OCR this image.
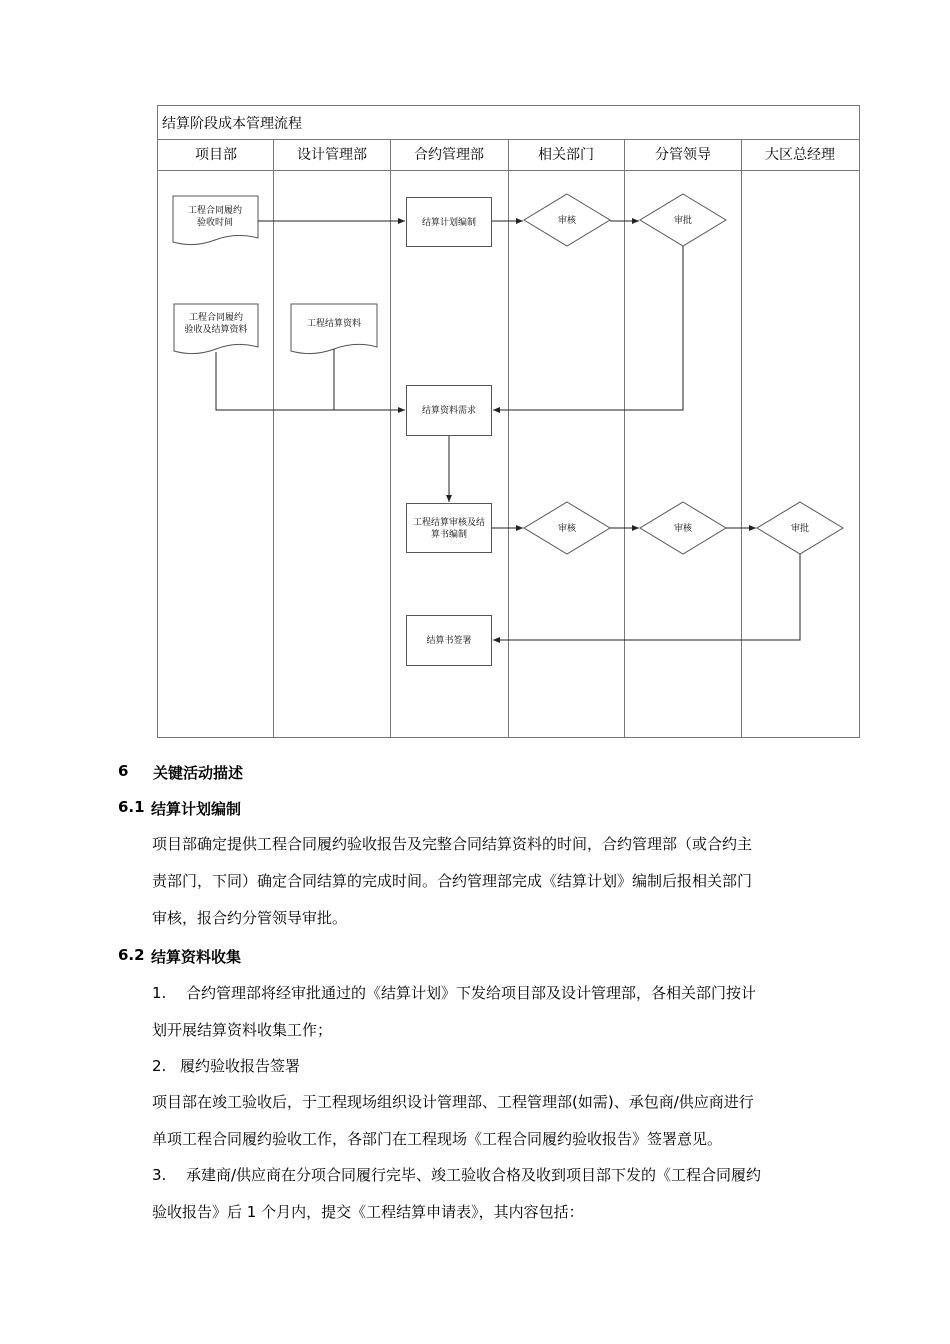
结算阶段成本管理流程
项目部	设计管理部	合约管理部	相关部门	分管领导	大区总经理
工程合同履约
验收时间
工程合同履约
验收及结算资料
工程结算资料
结算计划编制
结算资料需求
工程结算审核及结
算书编制
结算书签署
审核	审批
审核	审核	审批
6 关键活动描述
6.1 结算计划编制
项目部确定提供工程合同履约验收报告及完整合同结算资料的时间，合约管理部（或合约主
责部门，下同）确定合同结算的完成时间。合约管理部完成《结算计划》编制后报相关部门
审核，报合约分管领导审批。
6.2 结算资料收集
1. 合约管理部将经审批通过的《结算计划》下发给项目部及设计管理部，各相关部门按计
划开展结算资料收集工作；
2. 履约验收报告签署
项目部在竣工验收后，于工程现场组织设计管理部、工程管理部(如需)、承包商/供应商进行
单项工程合同履约验收工作，各部门在工程现场《工程合同履约验收报告》签署意见。
3. 承建商/供应商在分项合同履行完毕、竣工验收合格及收到项目部下发的《工程合同履约
验收报告》后 1 个月内，提交《工程结算申请表》，其内容包括：
